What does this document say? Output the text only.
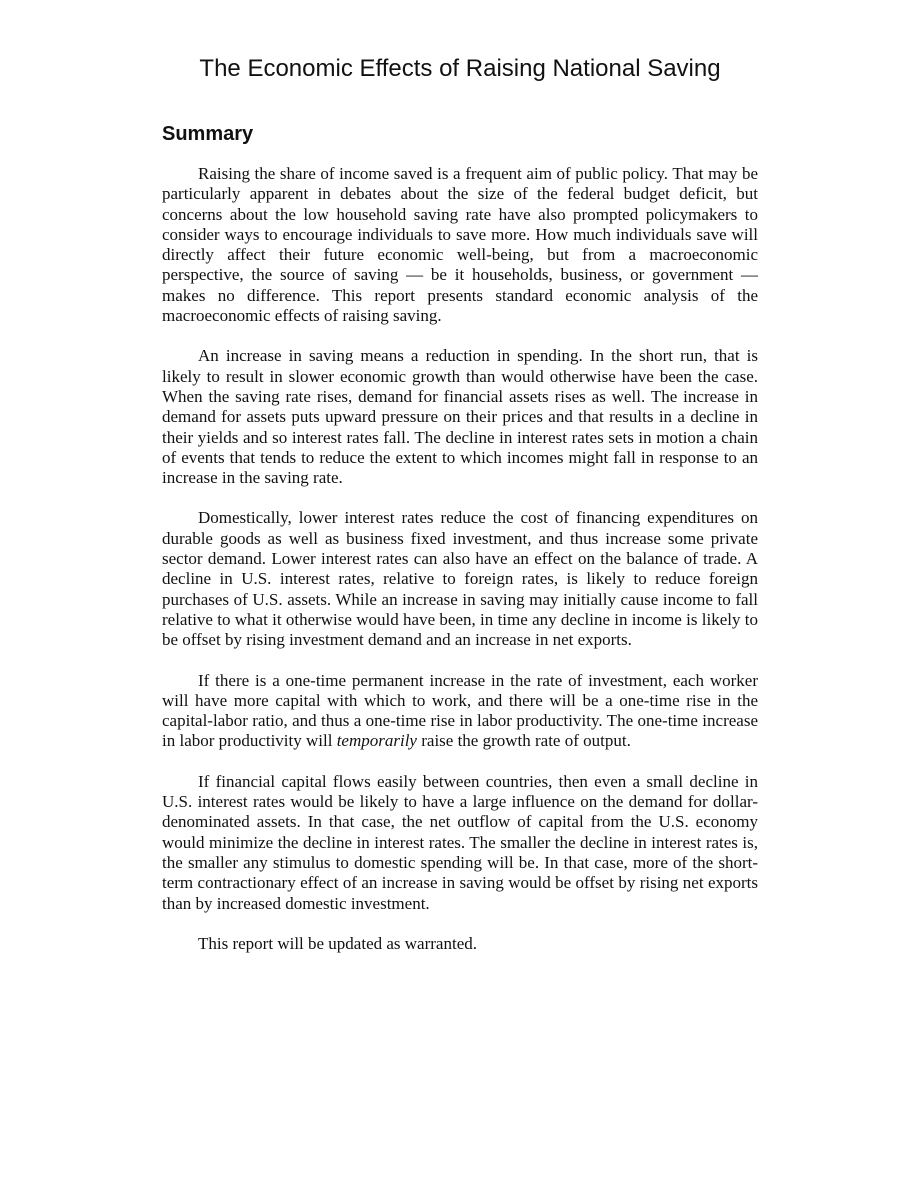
The Economic Effects of Raising National Saving
Summary

Raising the share of income saved is a frequent aim of public policy. That may be particularly apparent in debates about the size of the federal budget deficit, but concerns about the low household saving rate have also prompted policymakers to consider ways to encourage individuals to save more. How much individuals save will directly affect their future economic well-being, but from a macroeconomic perspective, the source of saving — be it households, business, or government — makes no difference. This report presents standard economic analysis of the macroeconomic effects of raising saving.

An increase in saving means a reduction in spending. In the short run, that is likely to result in slower economic growth than would otherwise have been the case. When the saving rate rises, demand for financial assets rises as well. The increase in demand for assets puts upward pressure on their prices and that results in a decline in their yields and so interest rates fall. The decline in interest rates sets in motion a chain of events that tends to reduce the extent to which incomes might fall in response to an increase in the saving rate.

Domestically, lower interest rates reduce the cost of financing expenditures on durable goods as well as business fixed investment, and thus increase some private sector demand. Lower interest rates can also have an effect on the balance of trade. A decline in U.S. interest rates, relative to foreign rates, is likely to reduce foreign purchases of U.S. assets. While an increase in saving may initially cause income to fall relative to what it otherwise would have been, in time any decline in income is likely to be offset by rising investment demand and an increase in net exports.

If there is a one-time permanent increase in the rate of investment, each worker will have more capital with which to work, and there will be a one-time rise in the capital-labor ratio, and thus a one-time rise in labor productivity. The one-time increase in labor productivity will temporarily raise the growth rate of output.

If financial capital flows easily between countries, then even a small decline in U.S. interest rates would be likely to have a large influence on the demand for dollar-denominated assets. In that case, the net outflow of capital from the U.S. economy would minimize the decline in interest rates. The smaller the decline in interest rates is, the smaller any stimulus to domestic spending will be. In that case, more of the short-term contractionary effect of an increase in saving would be offset by rising net exports than by increased domestic investment.

This report will be updated as warranted.
